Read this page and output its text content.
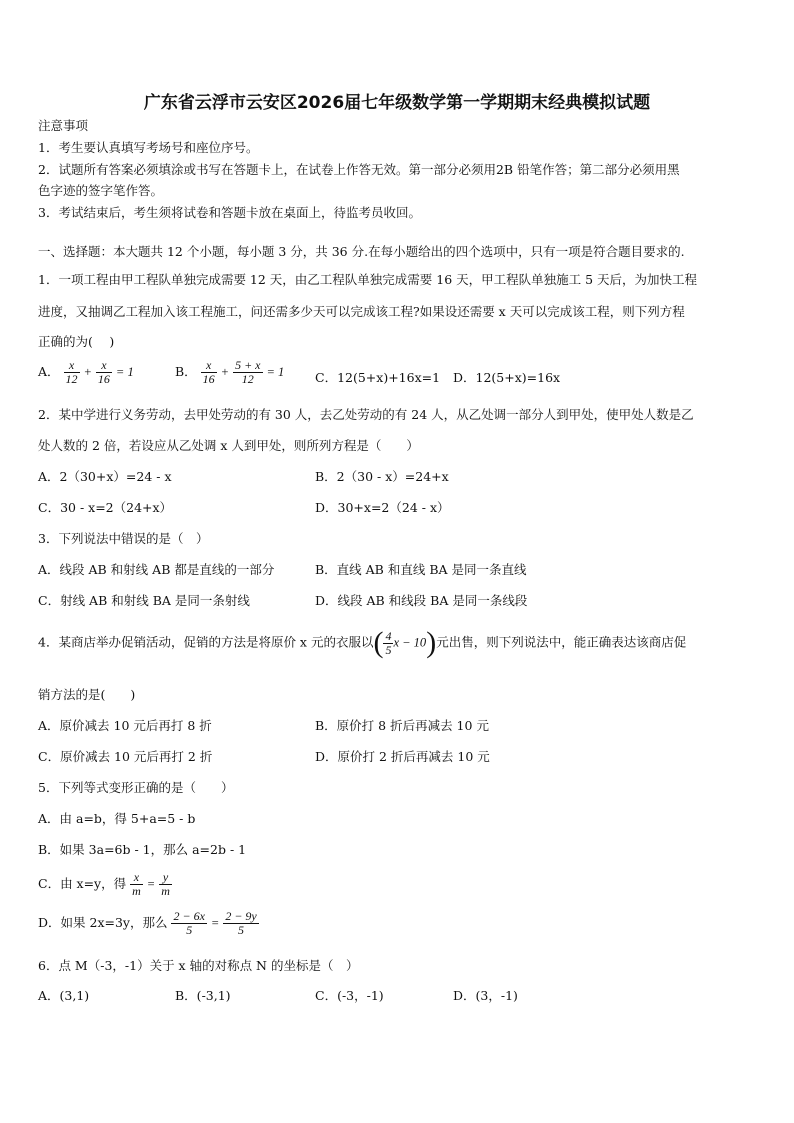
广东省云浮市云安区2026届七年级数学第一学期期末经典模拟试题
注意事项
1．考生要认真填写考场号和座位序号。
2．试题所有答案必须填涂或书写在答题卡上，在试卷上作答无效。第一部分必须用2B 铅笔作答；第二部分必须用黑
色字迹的签字笔作答。
3．考试结束后，考生须将试卷和答题卡放在桌面上，待监考员收回。
一、选择题：本大题共 12 个小题，每小题 3 分，共 36 分.在每小题给出的四个选项中，只有一项是符合题目要求的.
1．一项工程由甲工程队单独完成需要 12 天，由乙工程队单独完成需要 16 天，甲工程队单独施工 5 天后，为加快工程
进度，又抽调乙工程加入该工程施工，问还需多少天可以完成该工程?如果设还需要 x 天可以完成该工程，则下列方程
正确的为(　 )
A． $\frac{x}{12} + \frac{x}{16} = 1$	B． $\frac{x}{16} + \frac{5 + x}{12} = 1$ C．12(5+x)+16x=1 D．12(5+x)=16x
2．某中学进行义务劳动，去甲处劳动的有 30 人，去乙处劳动的有 24 人，从乙处调一部分人到甲处，使甲处人数是乙
处人数的 2 倍，若设应从乙处调 x 人到甲处，则所列方程是（　　）
A．2（30+x）=24 - x	B．2（30 - x）=24+x
C．30 - x=2（24+x）	D．30+x=2（24 - x）
3．下列说法中错误的是（　）
A．线段 AB 和射线 AB 都是直线的一部分	B．直线 AB 和直线 BA 是同一条直线
C．射线 AB 和射线 BA 是同一条射线	D．线段 AB 和线段 BA 是同一条线段
4．某商店举办促销活动，促销的方法是将原价 x 元的衣服以( $\frac{4}{5}$ x − 10)元出售，则下列说法中，能正确表达该商店促
销方法的是(　　)
A．原价减去 10 元后再打 8 折	B．原价打 8 折后再减去 10 元
C．原价减去 10 元后再打 2 折	D．原价打 2 折后再减去 10 元
5．下列等式变形正确的是（　　）
A．由 a=b，得 5+a=5 - b
B．如果 3a=6b - 1，那么 a=2b - 1
C．由 x=y，得 $\frac{x}{m} = \frac{y}{m}$
D．如果 2x=3y，那么 $\frac{2 - 6x}{5} = \frac{2 - 9y}{5}$
6．点 M（-3，-1）关于 x 轴的对称点 N 的坐标是（　）
A．(3,1)	B．(-3,1)	C．(-3，-1)	D．(3，-1)
